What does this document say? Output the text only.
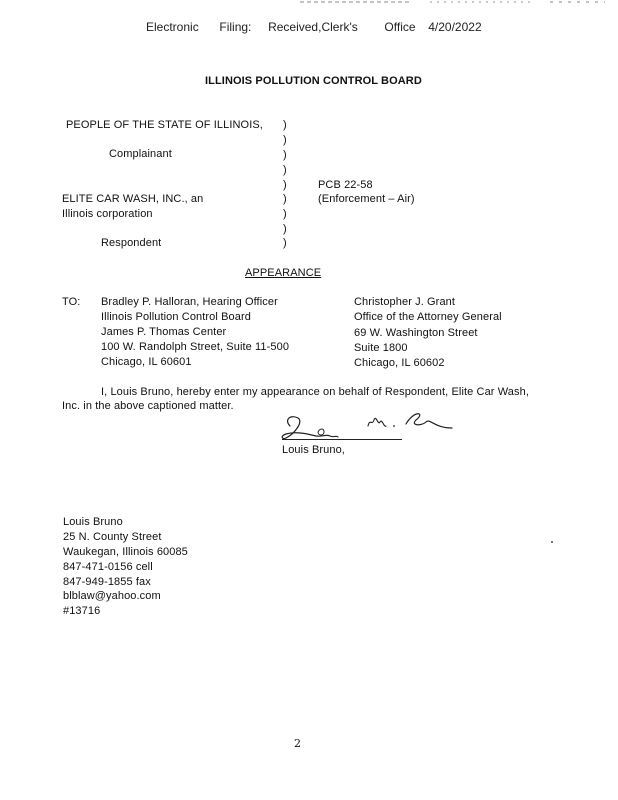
Electronic Filing: Received,Clerk's Office 4/20/2022
ILLINOIS POLLUTION CONTROL BOARD
PEOPLE OF THE STATE OF ILLINOIS,
Complainant
ELITE CAR WASH, INC., an
Illinois corporation
Respondent
)
)
)
)
)
)
)
)
)
PCB 22-58
(Enforcement – Air)
APPEARANCE
TO: Bradley P. Halloran, Hearing Officer
Illinois Pollution Control Board
James P. Thomas Center
100 W. Randolph Street, Suite 11-500
Chicago, IL 60601
Christopher J. Grant
Office of the Attorney General
69 W. Washington Street
Suite 1800
Chicago, IL 60602
I, Louis Bruno, hereby enter my appearance on behalf of Respondent, Elite Car Wash,
Inc. in the above captioned matter.
Louis Bruno,
Louis Bruno
25 N. County Street
Waukegan, Illinois 60085
847-471-0156 cell
847-949-1855 fax
blblaw@yahoo.com
#13716
2
